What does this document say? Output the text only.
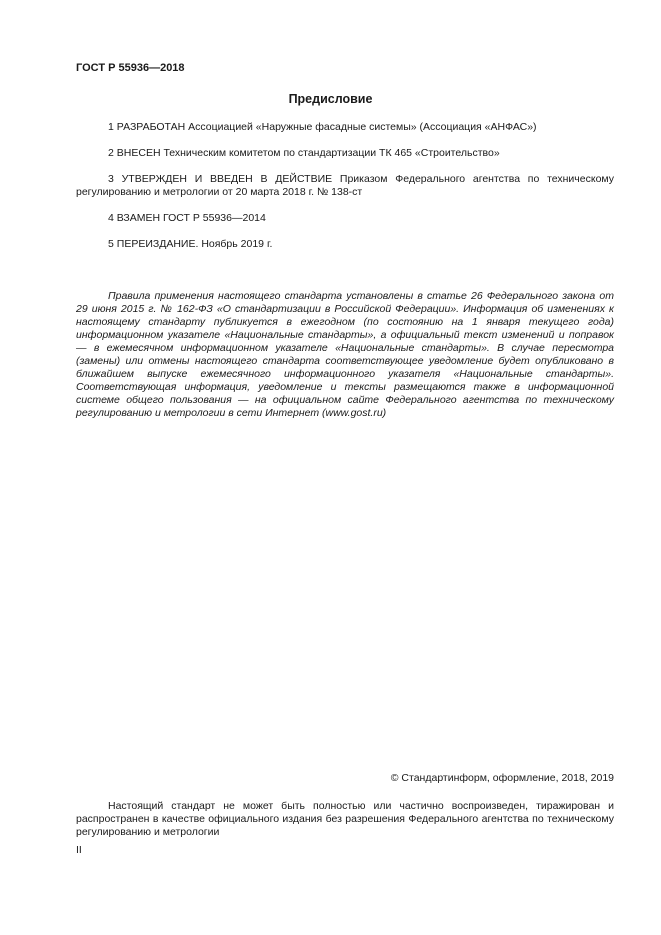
ГОСТ Р 55936—2018
Предисловие
1 РАЗРАБОТАН Ассоциацией «Наружные фасадные системы» (Ассоциация «АНФАС»)
2 ВНЕСЕН Техническим комитетом по стандартизации ТК 465 «Строительство»
3 УТВЕРЖДЕН И ВВЕДЕН В ДЕЙСТВИЕ Приказом Федерального агентства по техническому регулированию и метрологии от 20 марта 2018 г. № 138-ст
4 ВЗАМЕН ГОСТ Р 55936—2014
5 ПЕРЕИЗДАНИЕ. Ноябрь 2019 г.
Правила применения настоящего стандарта установлены в статье 26 Федерального закона от 29 июня 2015 г. № 162-ФЗ «О стандартизации в Российской Федерации». Информация об изменениях к настоящему стандарту публикуется в ежегодном (по состоянию на 1 января текущего года) информационном указателе «Национальные стандарты», а официальный текст изменений и поправок — в ежемесячном информационном указателе «Национальные стандарты». В случае пересмотра (замены) или отмены настоящего стандарта соответствующее уведомление будет опубликовано в ближайшем выпуске ежемесячного информационного указателя «Национальные стандарты». Соответствующая информация, уведомление и тексты размещаются также в информационной системе общего пользования — на официальном сайте Федерального агентства по техническому регулированию и метрологии в сети Интернет (www.gost.ru)
© Стандартинформ, оформление, 2018, 2019
Настоящий стандарт не может быть полностью или частично воспроизведен, тиражирован и распространен в качестве официального издания без разрешения Федерального агентства по техническому регулированию и метрологии
II
